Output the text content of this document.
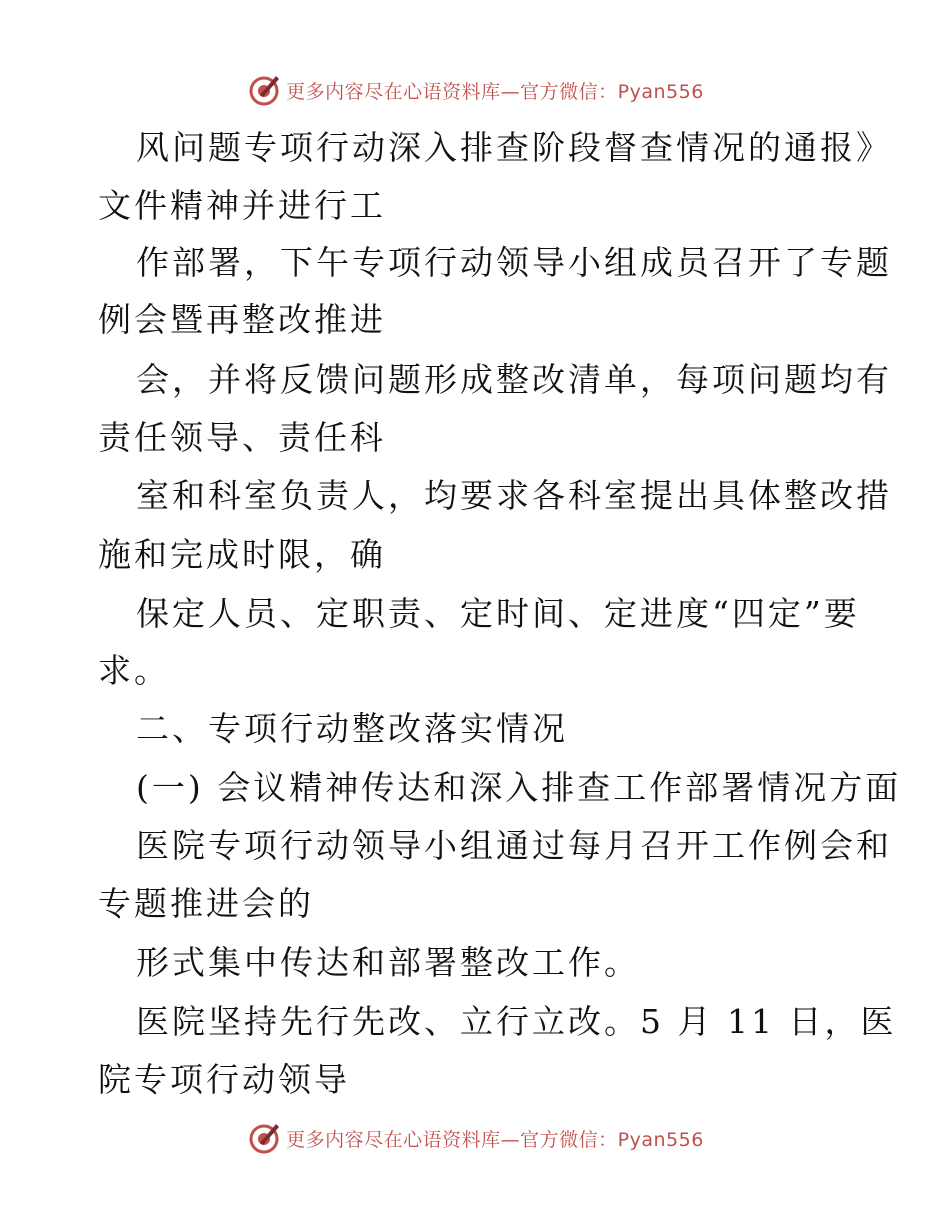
更多内容尽在心语资料库—官方微信：Pyan556
风问题专项行动深入排查阶段督查情况的通报》
文件精神并进行工
作部署，下午专项行动领导小组成员召开了专题
例会暨再整改推进
会，并将反馈问题形成整改清单，每项问题均有
责任领导、责任科
室和科室负责人，均要求各科室提出具体整改措
施和完成时限，确
保定人员、定职责、定时间、定进度“四定”要
求。
二、专项行动整改落实情况
(一) 会议精神传达和深入排查工作部署情况方面
医院专项行动领导小组通过每月召开工作例会和
专题推进会的
形式集中传达和部署整改工作。
医院坚持先行先改、立行立改。5 月 11 日，医
院专项行动领导
更多内容尽在心语资料库—官方微信：Pyan556
